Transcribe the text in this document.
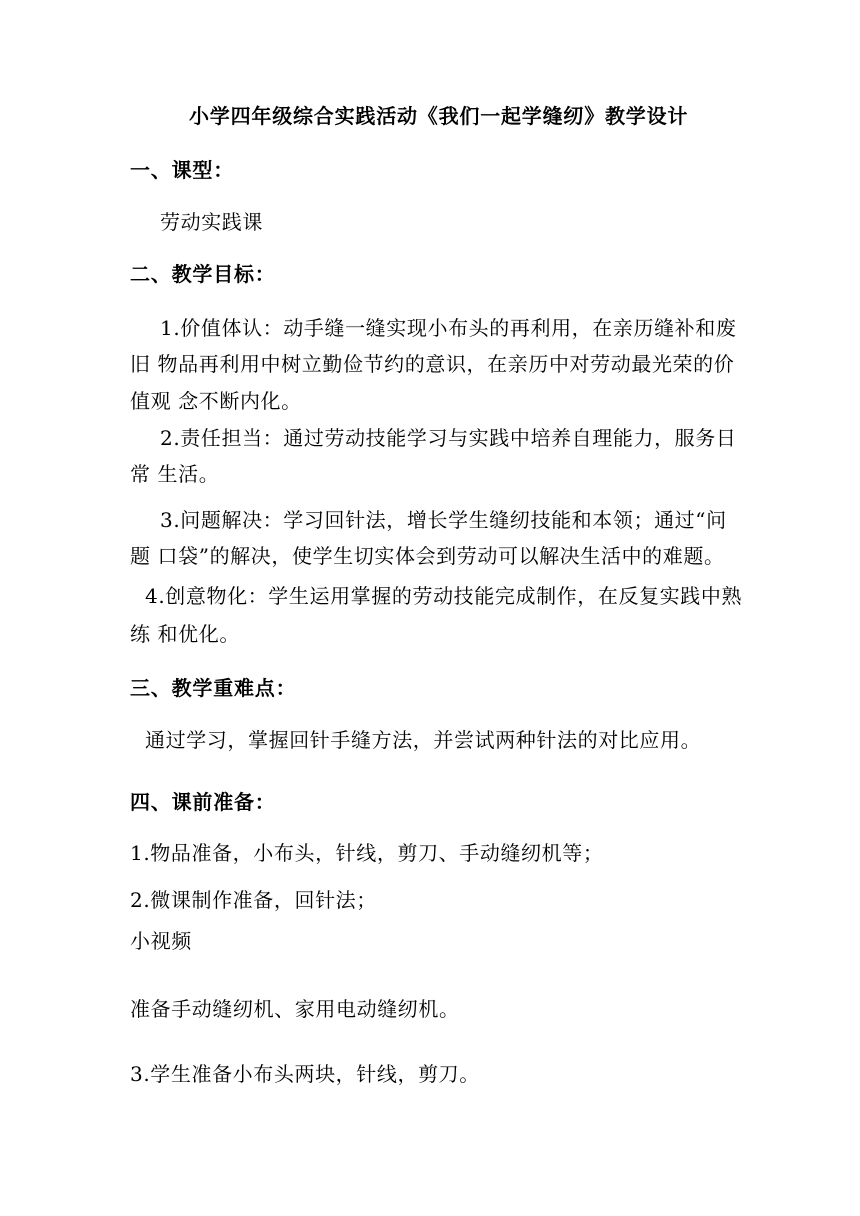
小学四年级综合实践活动《我们一起学缝纫》教学设计
一、课型：
劳动实践课
二、教学目标：
1.价值体认：动手缝一缝实现小布头的再利用，在亲历缝补和废
旧 物品再利用中树立勤俭节约的意识，在亲历中对劳动最光荣的价
值观 念不断内化。
2.责任担当：通过劳动技能学习与实践中培养自理能力，服务日
常 生活。
3.问题解决：学习回针法，增长学生缝纫技能和本领；通过“问
题 口袋”的解决，使学生切实体会到劳动可以解决生活中的难题。
4.创意物化：学生运用掌握的劳动技能完成制作，在反复实践中熟
练 和优化。
三、教学重难点：
通过学习，掌握回针手缝方法，并尝试两种针法的对比应用。
四、课前准备：
1.物品准备，小布头，针线，剪刀、手动缝纫机等；
2.微课制作准备，回针法；
小视频
准备手动缝纫机、家用电动缝纫机。
3.学生准备小布头两块，针线，剪刀。
